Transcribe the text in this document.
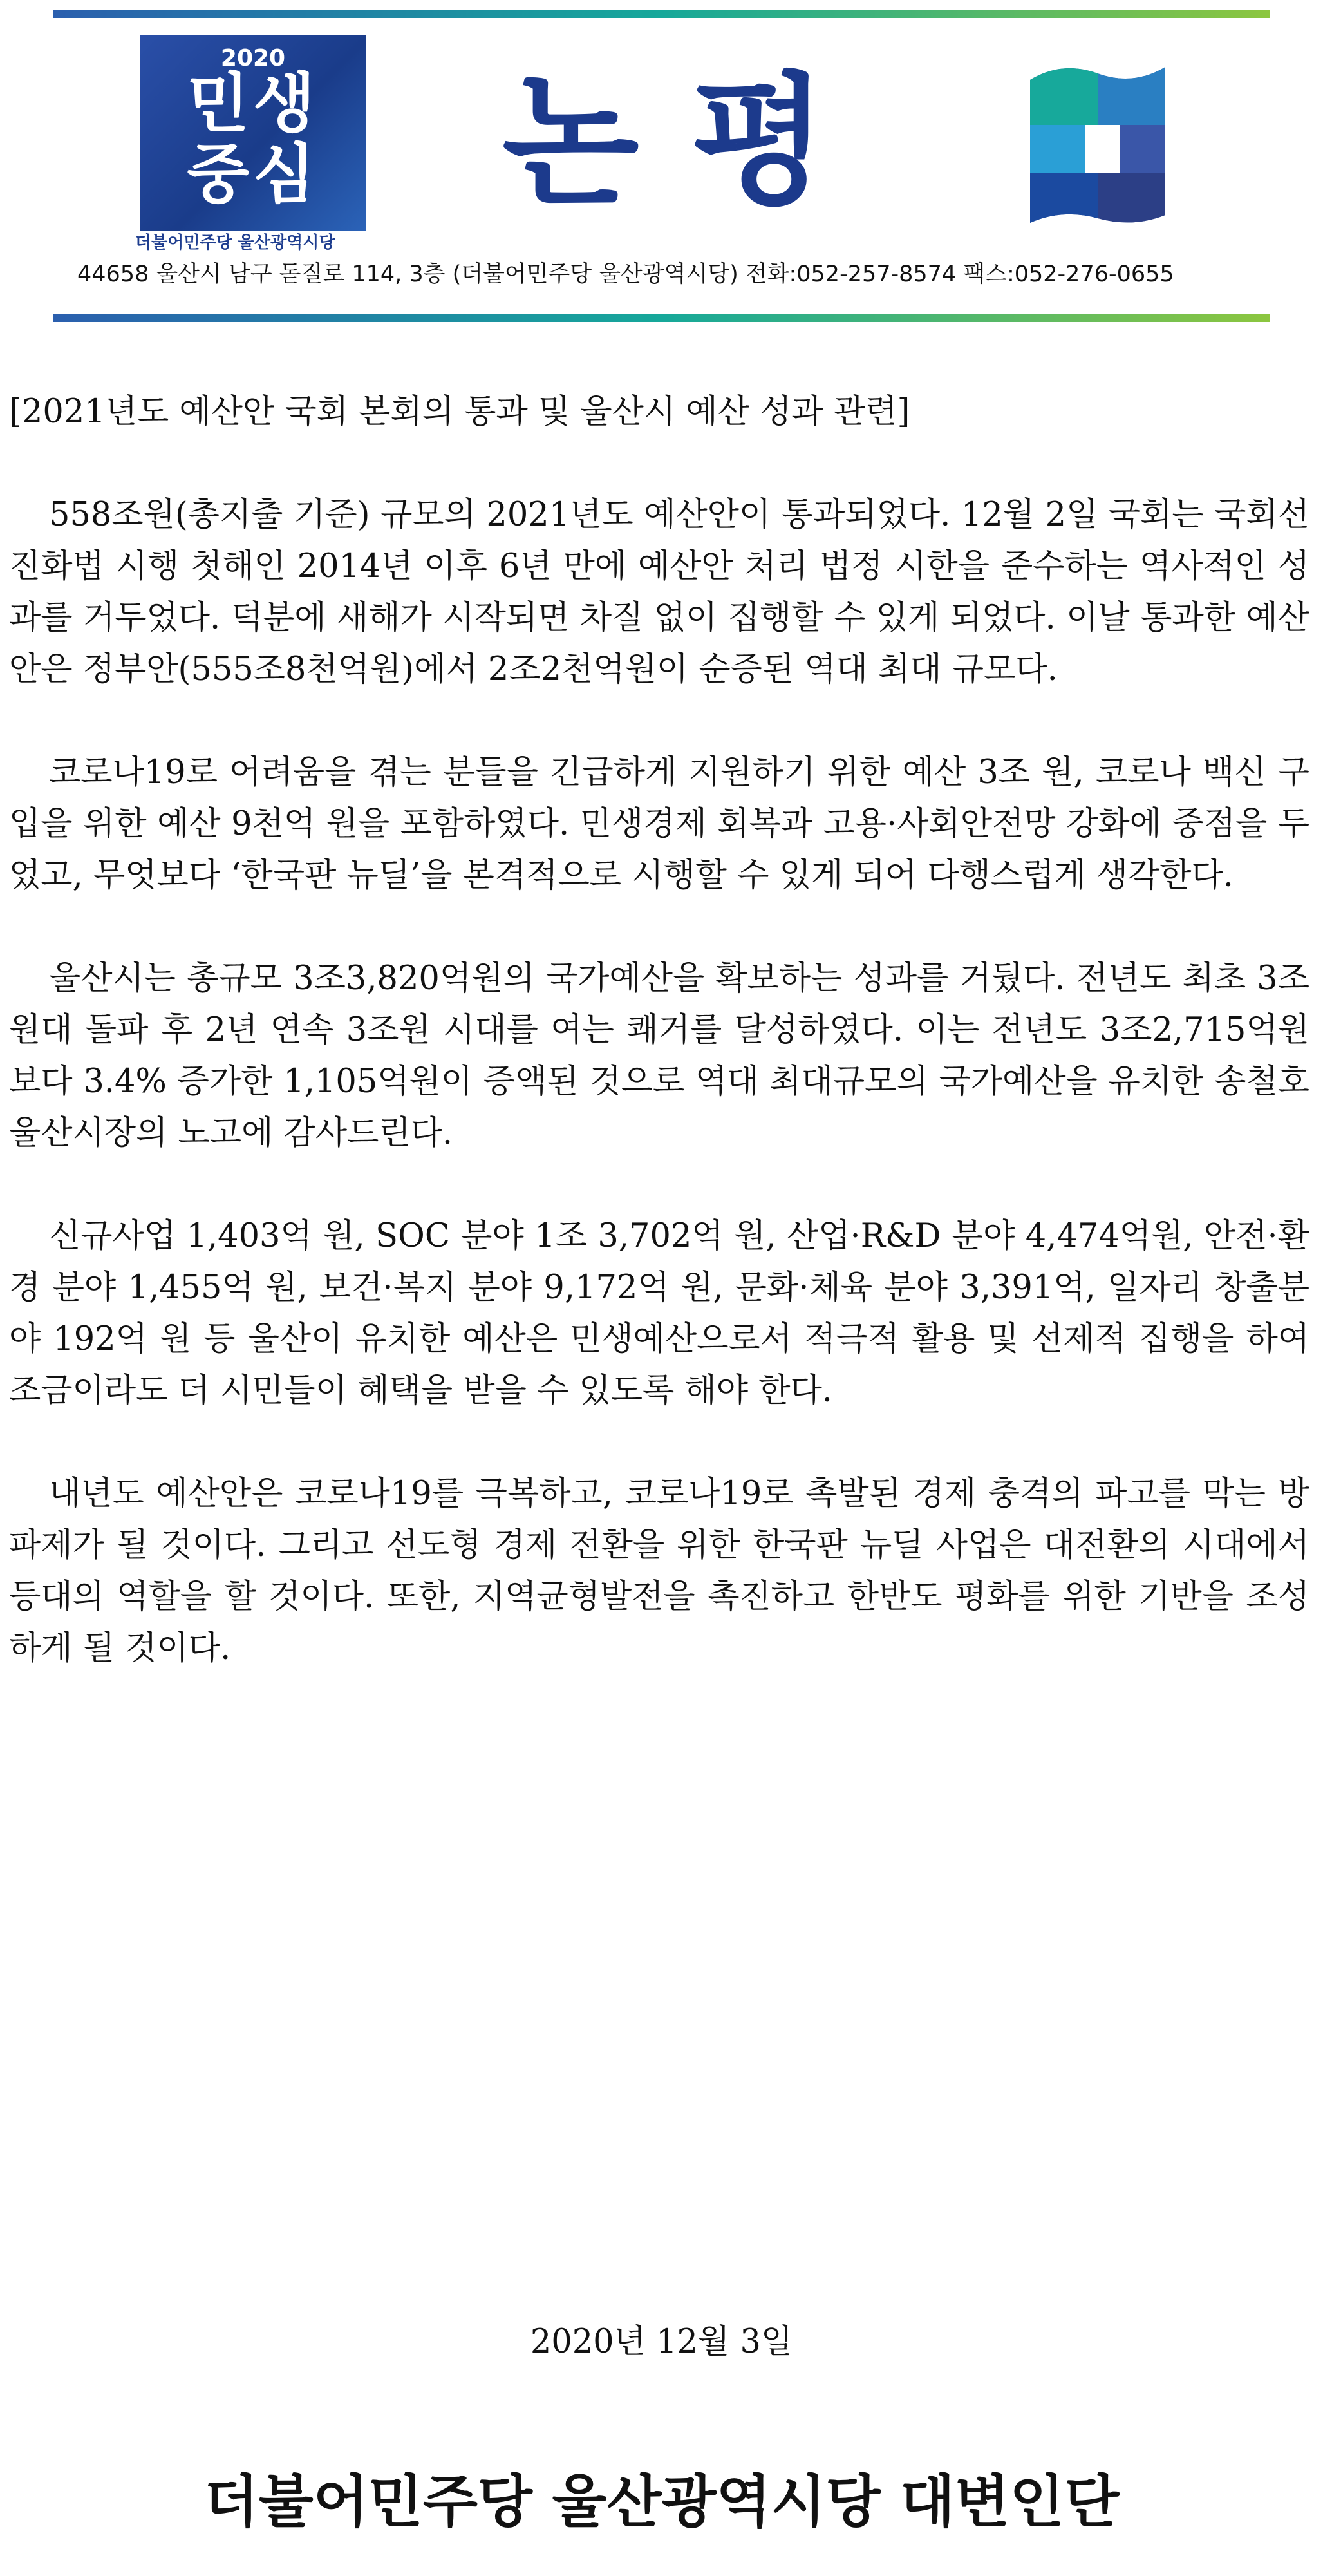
2020
민생
중심
더불어민주당 울산광역시당
논평
44658 울산시 남구 돋질로 114, 3층 (더불어민주당 울산광역시당) 전화:052-257-8574 팩스:052-276-0655

[2021년도 예산안 국회 본회의 통과 및 울산시 예산 성과 관련]

558조원(총지출 기준) 규모의 2021년도 예산안이 통과되었다. 12월 2일 국회는 국회선진화법 시행 첫해인 2014년 이후 6년 만에 예산안 처리 법정 시한을 준수하는 역사적인 성과를 거두었다. 덕분에 새해가 시작되면 차질 없이 집행할 수 있게 되었다. 이날 통과한 예산안은 정부안(555조8천억원)에서 2조2천억원이 순증된 역대 최대 규모다.

코로나19로 어려움을 겪는 분들을 긴급하게 지원하기 위한 예산 3조 원, 코로나 백신 구입을 위한 예산 9천억 원을 포함하였다. 민생경제 회복과 고용·사회안전망 강화에 중점을 두었고, 무엇보다 ‘한국판 뉴딜’을 본격적으로 시행할 수 있게 되어 다행스럽게 생각한다.

울산시는 총규모 3조3,820억원의 국가예산을 확보하는 성과를 거뒀다. 전년도 최초 3조원대 돌파 후 2년 연속 3조원 시대를 여는 쾌거를 달성하였다. 이는 전년도 3조2,715억원 보다 3.4% 증가한 1,105억원이 증액된 것으로 역대 최대규모의 국가예산을 유치한 송철호 울산시장의 노고에 감사드린다.

신규사업 1,403억 원, SOC 분야 1조 3,702억 원, 산업·R&D 분야 4,474억원, 안전·환경 분야 1,455억 원, 보건·복지 분야 9,172억 원, 문화·체육 분야 3,391억, 일자리 창출분야 192억 원 등 울산이 유치한 예산은 민생예산으로서 적극적 활용 및 선제적 집행을 하여 조금이라도 더 시민들이 혜택을 받을 수 있도록 해야 한다.

내년도 예산안은 코로나19를 극복하고, 코로나19로 촉발된 경제 충격의 파고를 막는 방파제가 될 것이다. 그리고 선도형 경제 전환을 위한 한국판 뉴딜 사업은 대전환의 시대에서 등대의 역할을 할 것이다. 또한, 지역균형발전을 촉진하고 한반도 평화를 위한 기반을 조성하게 될 것이다.

2020년 12월 3일
더불어민주당 울산광역시당 대변인단
